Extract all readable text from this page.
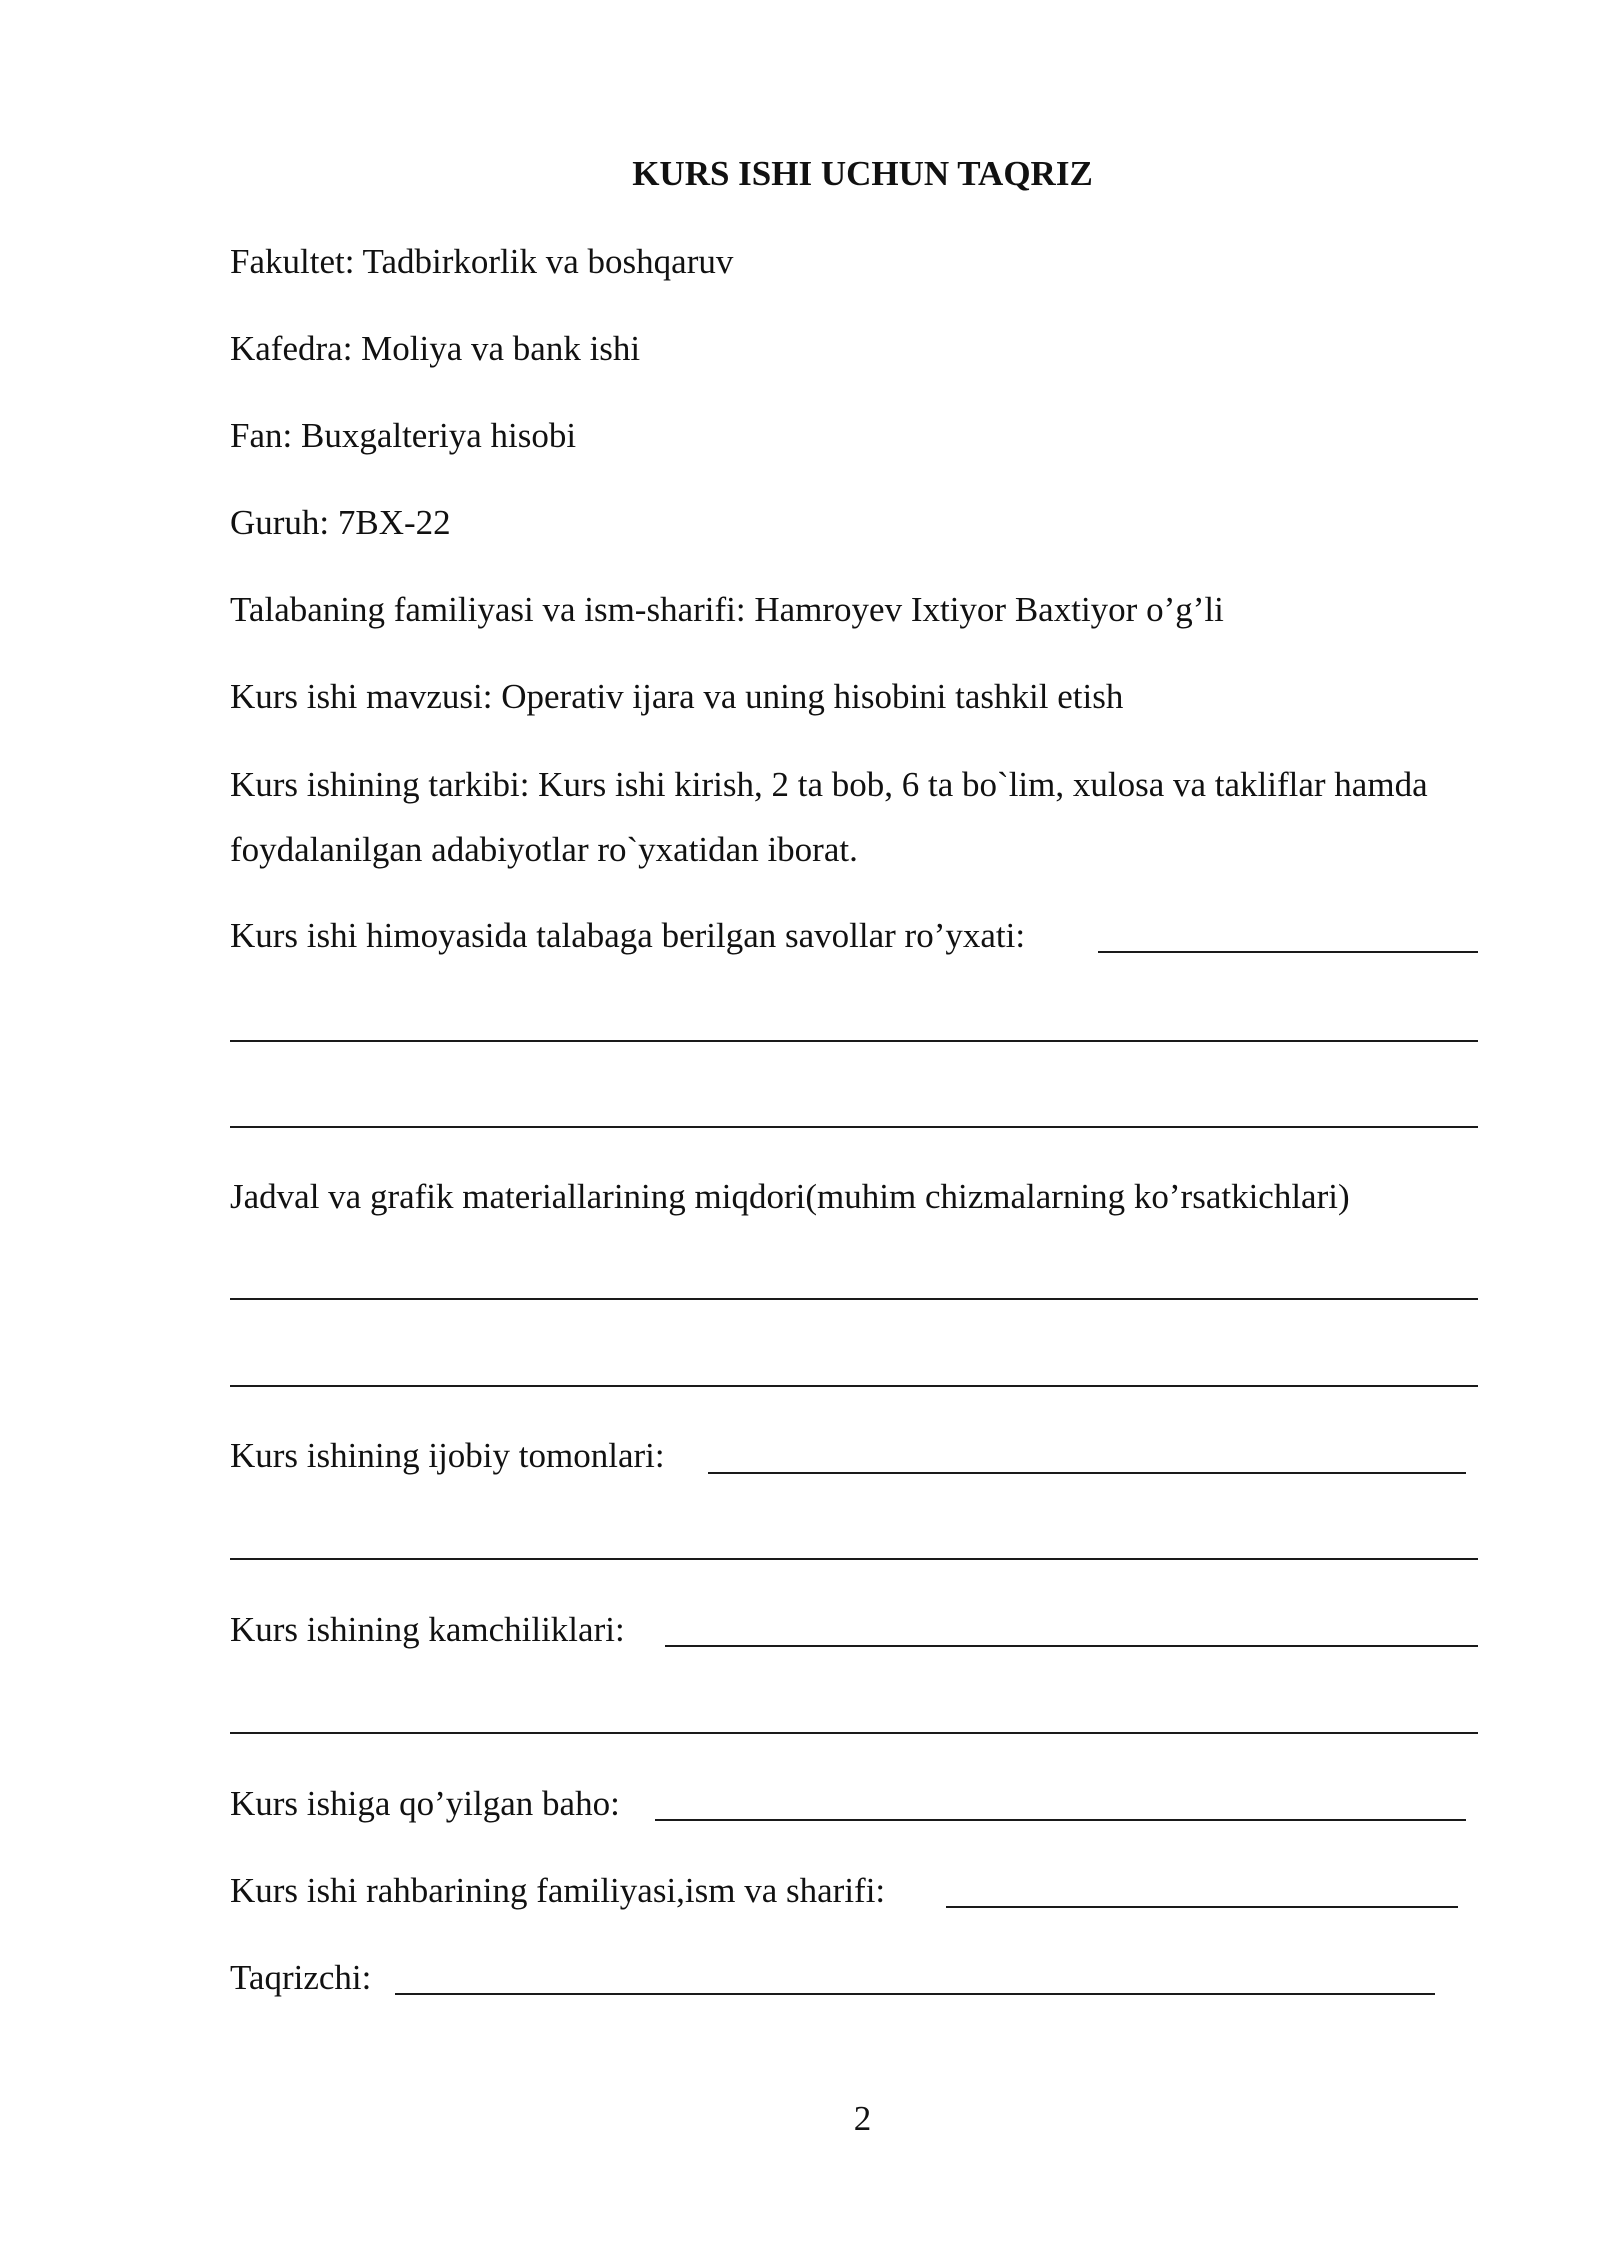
KURS ISHI UCHUN TAQRIZ
Fakultet: Tadbirkorlik va boshqaruv
Kafedra: Moliya va bank ishi
Fan: Buxgalteriya hisobi
Guruh: 7BX-22
Talabaning familiyasi va ism-sharifi: Hamroyev Ixtiyor Baxtiyor o’g’li
Kurs ishi mavzusi: Operativ ijara va uning hisobini tashkil etish
Kurs ishining tarkibi: Kurs ishi kirish, 2 ta bob, 6 ta bo`lim, xulosa va takliflar hamda foydalanilgan adabiyotlar ro`yxatidan iborat.
Kurs ishi himoyasida talabaga berilgan savollar ro’yxati:
Jadval va grafik materiallarining miqdori(muhim chizmalarning ko’rsatkichlari)
Kurs ishining ijobiy tomonlari:
Kurs ishining kamchiliklari:
Kurs ishiga qo’yilgan baho:
Kurs ishi rahbarining familiyasi,ism va sharifi:
Taqrizchi:
2
